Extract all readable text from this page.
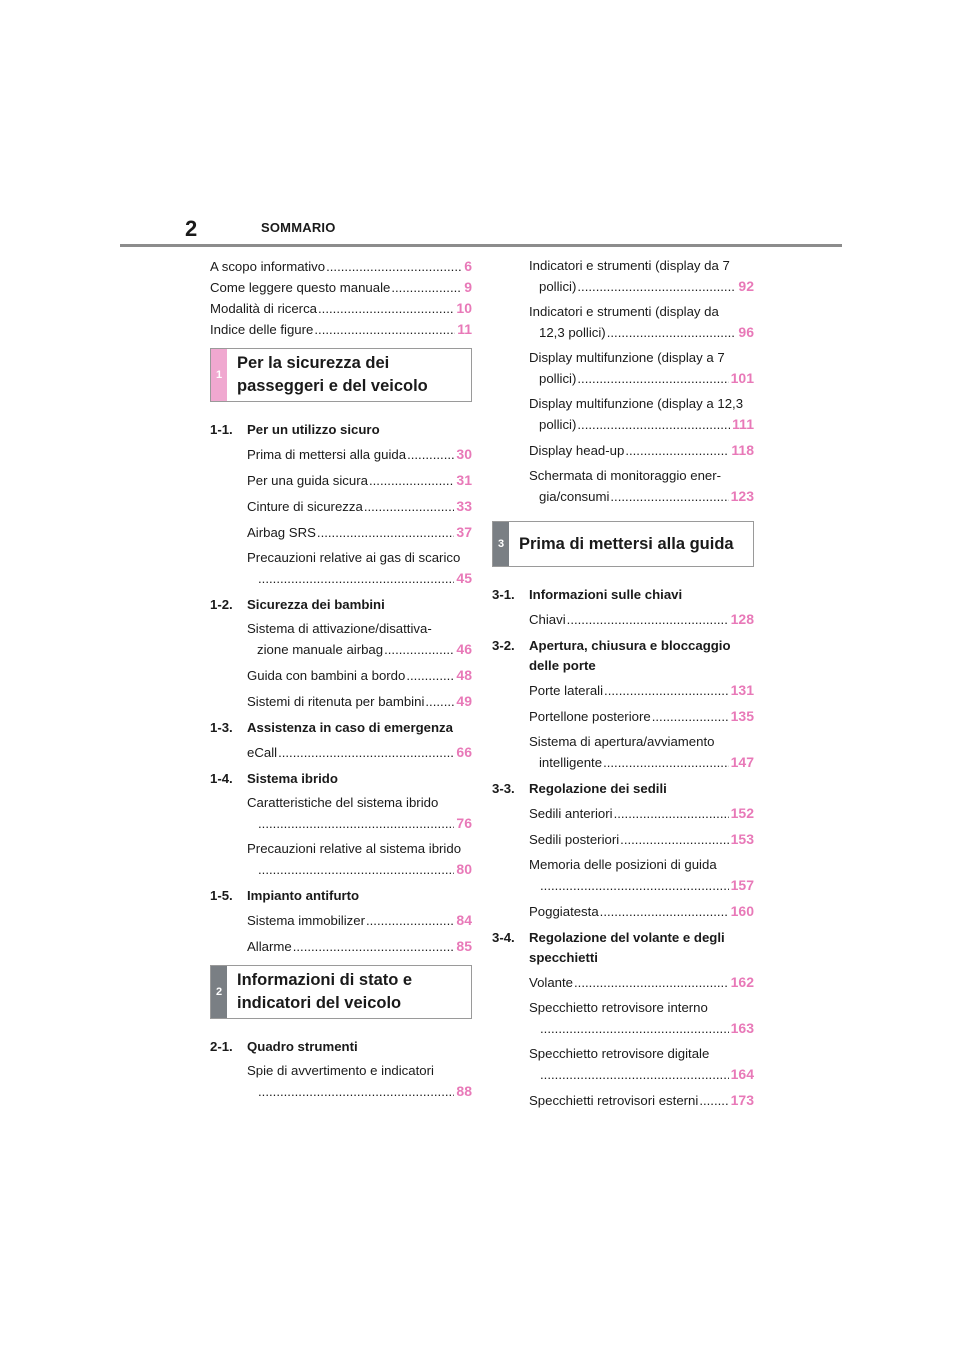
2	SOMMARIO
A scopo informativo .....	6
Come leggere questo manuale .....	9
Modalità di ricerca .....	10
Indice delle figure .....	11
1
Per la sicurezza dei passeggeri e del veicolo
1-1.	Per un utilizzo sicuro
Prima di mettersi alla guida .....	30
Per una guida sicura .....	31
Cinture di sicurezza .....	33
Airbag SRS .....	37
Precauzioni relative ai gas di scarico
.....
45
1-2.	Sicurezza dei bambini
Sistema di attivazione/disattiva-
zione manuale airbag .....	46
Guida con bambini a bordo .....	48
Sistemi di ritenuta per bambini ..... 49
1-3.	Assistenza in caso di emergenza
eCall .....	66
1-4.	Sistema ibrido
Caratteristiche del sistema ibrido
.....
76
Precauzioni relative al sistema ibrido
.....
80
1-5.	Impianto antifurto
Sistema immobilizer .....	84
Allarme .....	85
2
Informazioni di stato e indicatori del veicolo
2-1.	Quadro strumenti
Spie di avvertimento e indicatori
.....
88
Indicatori e strumenti (display da 7
pollici) .....	92
Indicatori e strumenti (display da
12,3 pollici) .....	96
Display multifunzione (display a 7
pollici) .....	101
Display multifunzione (display a 12,3
pollici) .....	111
Display head-up .....	118
Schermata di monitoraggio ener-
gia/consumi .....	123
3 Prima di mettersi alla guida
3-1.	Informazioni sulle chiavi
Chiavi .....	128
3-2.	Apertura, chiusura e bloccaggio delle porte
Porte laterali .....	131
Portellone posteriore .....	135
Sistema di apertura/avviamento
intelligente .....	147
3-3.	Regolazione dei sedili
Sedili anteriori .....	152
Sedili posteriori .....	153
Memoria delle posizioni di guida
.....
157
Poggiatesta .....	160
3-4.	Regolazione del volante e degli specchietti
Volante .....	162
Specchietto retrovisore interno
.....
163
Specchietto retrovisore digitale
.....
164
Specchietti retrovisori esterni ..... 173
